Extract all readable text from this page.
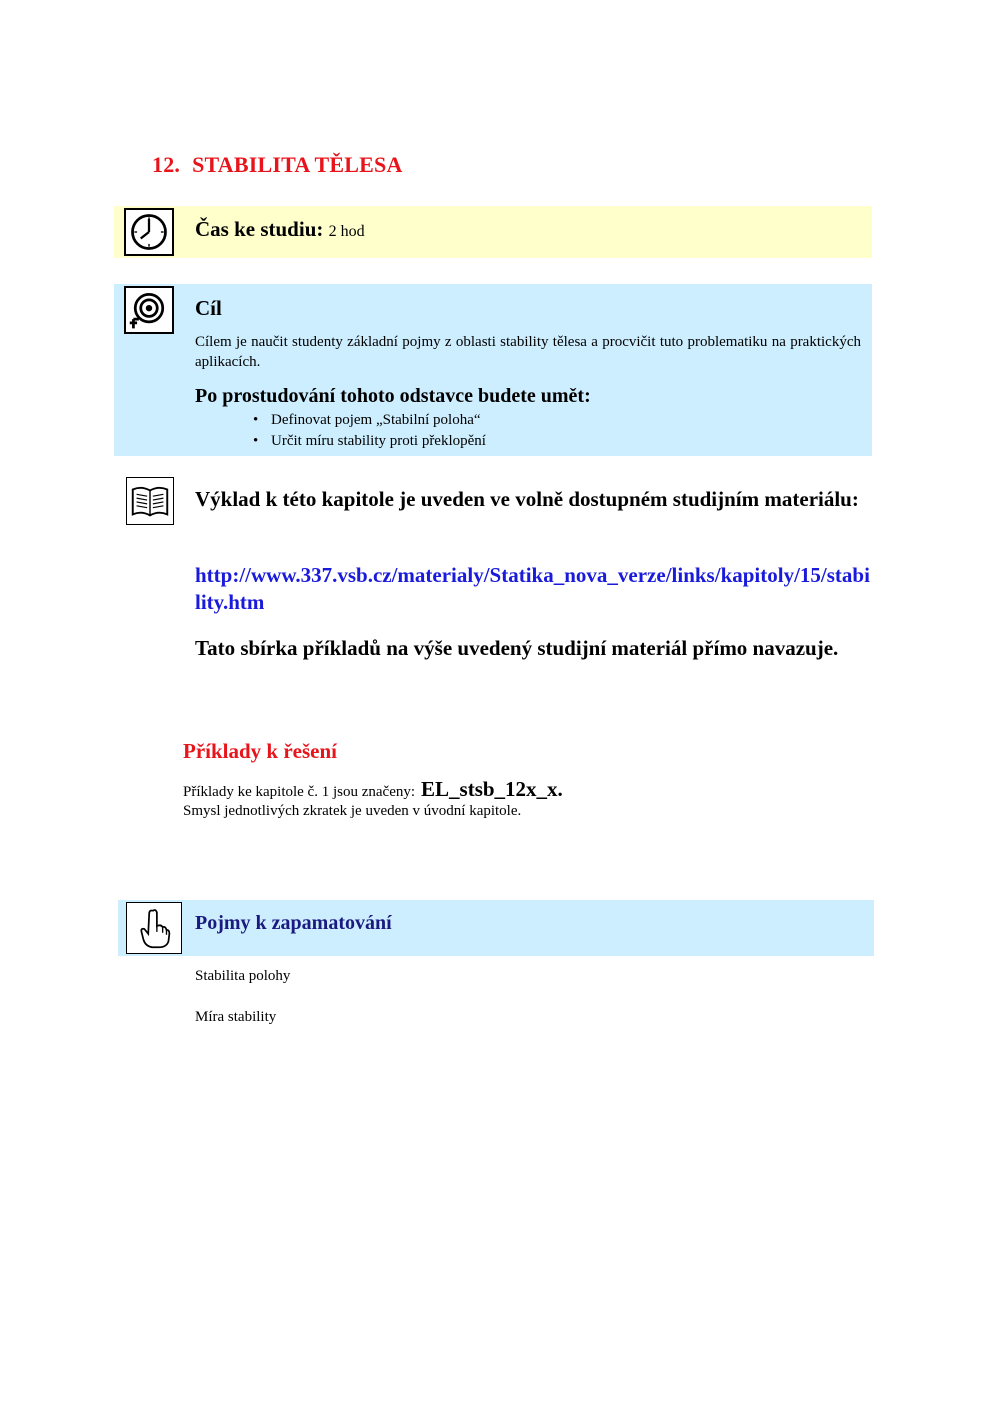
12. STABILITA TĚLESA
Čas ke studiu: 2 hod
Cíl
Cílem je naučit studenty základní pojmy z oblasti stability tělesa a procvičit tuto problematiku na praktických aplikacích.
Po prostudování tohoto odstavce budete umět:
• Definovat pojem „Stabilní poloha“
• Určit míru stability proti překlopění
Výklad k této kapitole je uveden ve volně dostupném studijním materiálu:
http://www.337.vsb.cz/materialy/Statika_nova_verze/links/kapitoly/15/stability.htm
Tato sbírka příkladů na výše uvedený studijní materiál přímo navazuje.
Příklady k řešení
Příklady ke kapitole č. 1 jsou značeny: EL_stsb_12x_x.
Smysl jednotlivých zkratek je uveden v úvodní kapitole.
Pojmy k zapamatování
Stabilita polohy
Míra stability
